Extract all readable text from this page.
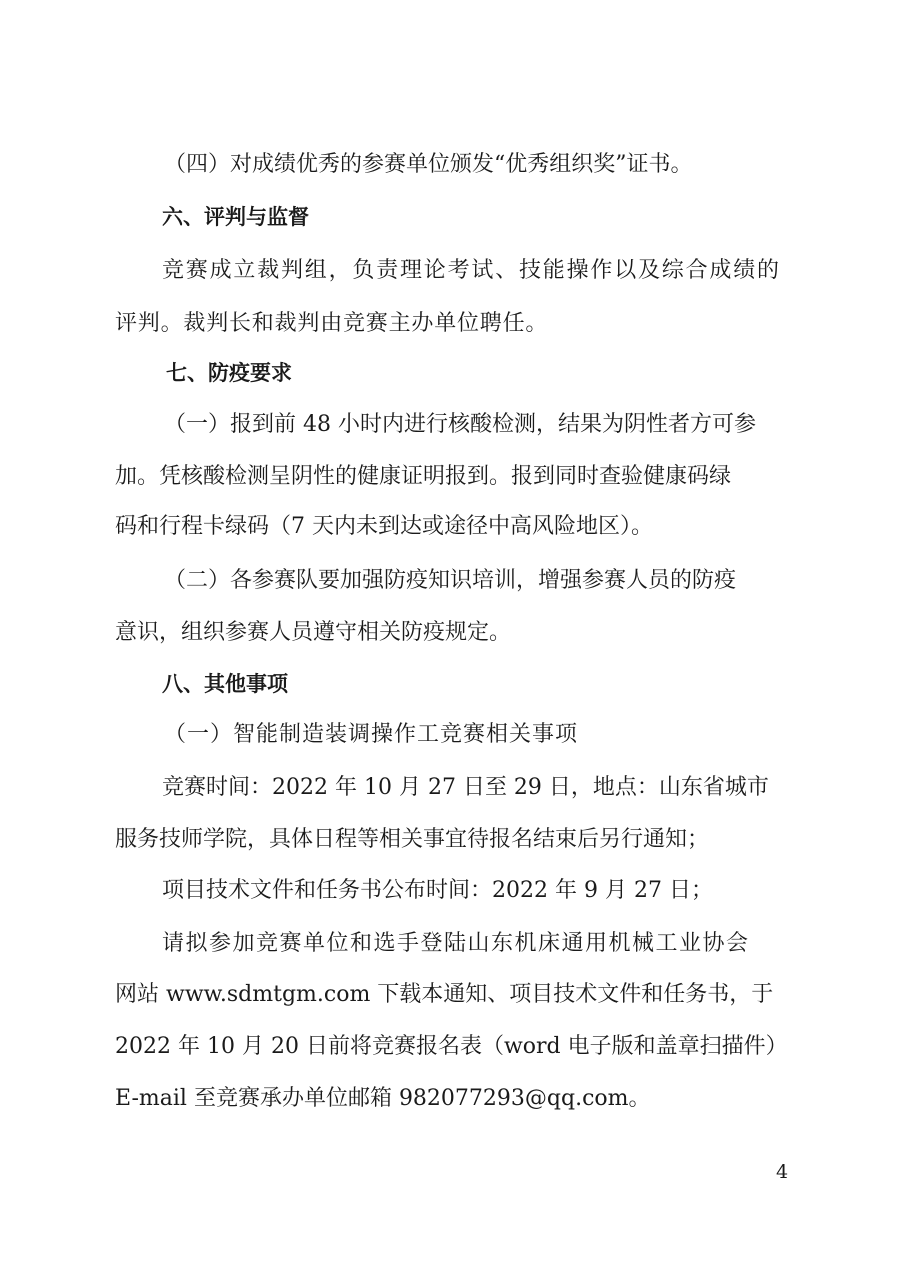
（四）对成绩优秀的参赛单位颁发“优秀组织奖”证书。
六、评判与监督
竞赛成立裁判组，负责理论考试、技能操作以及综合成绩的
评判。裁判长和裁判由竞赛主办单位聘任。
七、防疫要求
（一）报到前 48 小时内进行核酸检测，结果为阴性者方可参
加。凭核酸检测呈阴性的健康证明报到。报到同时查验健康码绿
码和行程卡绿码（7 天内未到达或途径中高风险地区）。
（二）各参赛队要加强防疫知识培训，增强参赛人员的防疫
意识，组织参赛人员遵守相关防疫规定。
八、其他事项
（一）智能制造装调操作工竞赛相关事项
竞赛时间：2022 年 10 月 27 日至 29 日，地点：山东省城市
服务技师学院，具体日程等相关事宜待报名结束后另行通知；
项目技术文件和任务书公布时间：2022 年 9 月 27 日；
请拟参加竞赛单位和选手登陆山东机床通用机械工业协会
网站 www.sdmtgm.com 下载本通知、项目技术文件和任务书，于
2022 年 10 月 20 日前将竞赛报名表（word 电子版和盖章扫描件）
E-mail 至竞赛承办单位邮箱 982077293@qq.com。
4
